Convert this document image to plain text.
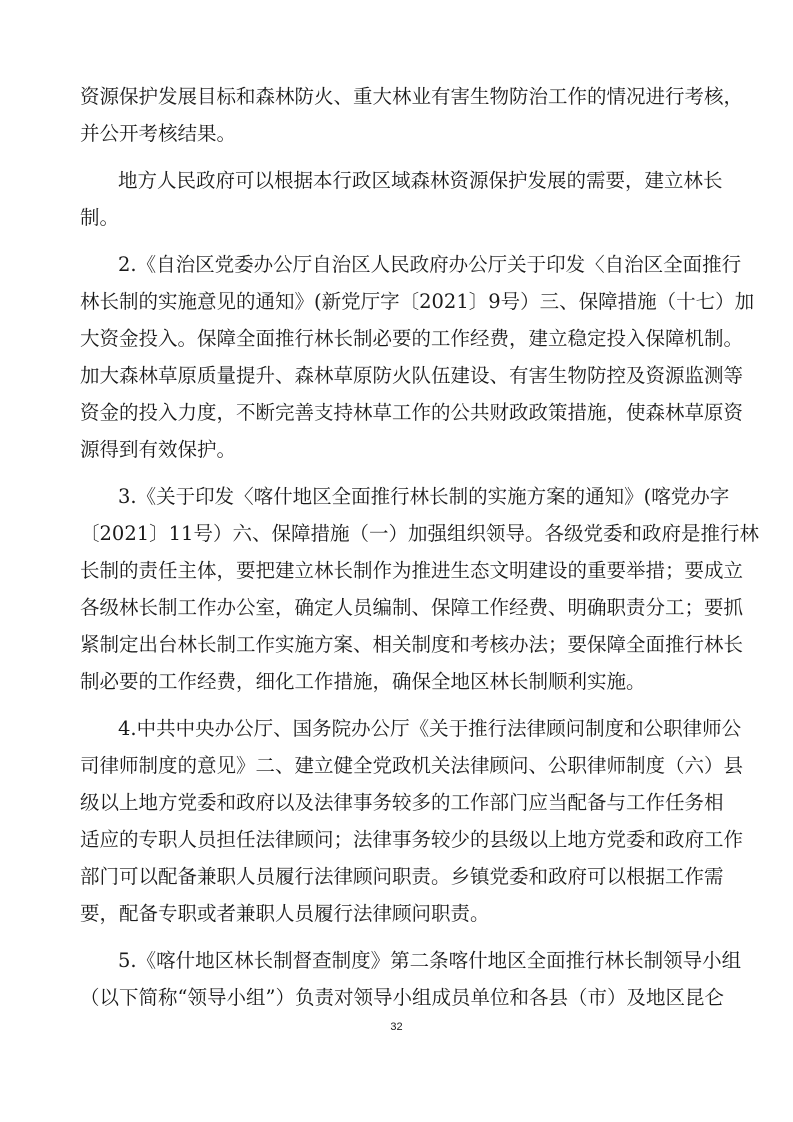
资源保护发展目标和森林防火、重大林业有害生物防治工作的情况进行考核，
并公开考核结果。
地方人民政府可以根据本行政区域森林资源保护发展的需要，建立林长
制。
2.《自治区党委办公厅自治区人民政府办公厅关于印发〈自治区全面推行
林长制的实施意见的通知》(新党厅字〔2021〕9号）三、保障措施（十七）加
大资金投入。保障全面推行林长制必要的工作经费，建立稳定投入保障机制。
加大森林草原质量提升、森林草原防火队伍建设、有害生物防控及资源监测等
资金的投入力度，不断完善支持林草工作的公共财政政策措施，使森林草原资
源得到有效保护。
3.《关于印发〈喀什地区全面推行林长制的实施方案的通知》(喀党办字
〔2021〕11号）六、保障措施（一）加强组织领导。各级党委和政府是推行林
长制的责任主体，要把建立林长制作为推进生态文明建设的重要举措；要成立
各级林长制工作办公室，确定人员编制、保障工作经费、明确职责分工；要抓
紧制定出台林长制工作实施方案、相关制度和考核办法；要保障全面推行林长
制必要的工作经费，细化工作措施，确保全地区林长制顺利实施。
4.中共中央办公厅、国务院办公厅《关于推行法律顾问制度和公职律师公
司律师制度的意见》二、建立健全党政机关法律顾问、公职律师制度（六）县
级以上地方党委和政府以及法律事务较多的工作部门应当配备与工作任务相
适应的专职人员担任法律顾问；法律事务较少的县级以上地方党委和政府工作
部门可以配备兼职人员履行法律顾问职责。乡镇党委和政府可以根据工作需
要，配备专职或者兼职人员履行法律顾问职责。
5.《喀什地区林长制督查制度》第二条喀什地区全面推行林长制领导小组
（以下简称“领导小组”）负责对领导小组成员单位和各县（市）及地区昆仑
32
